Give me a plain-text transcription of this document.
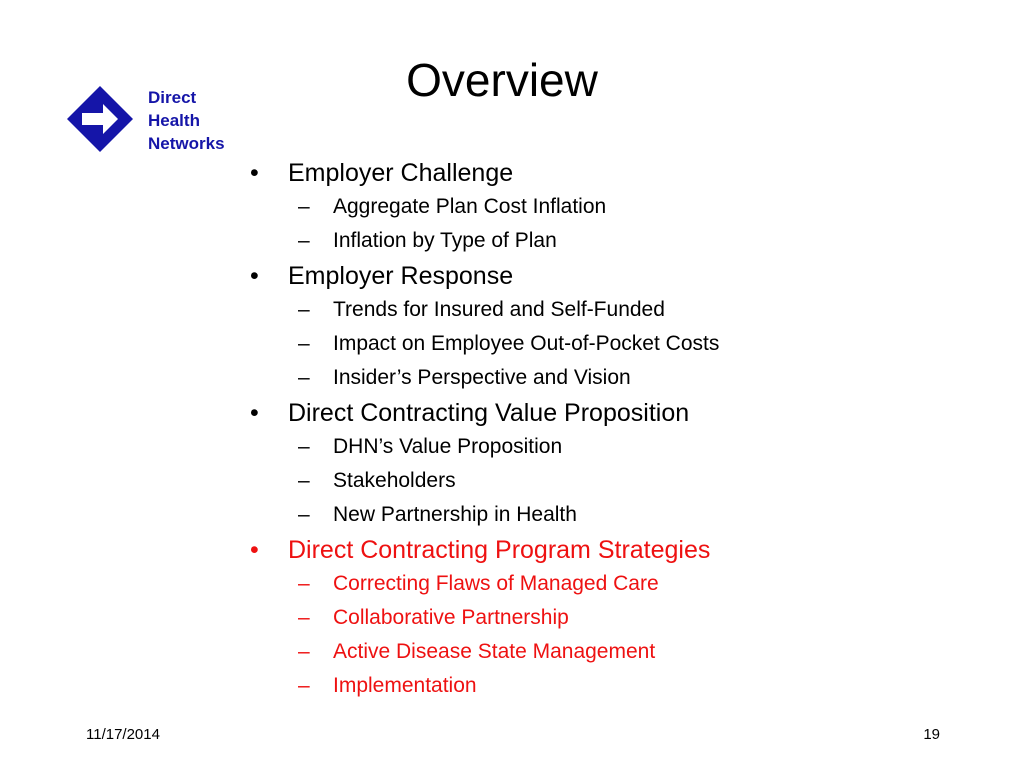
Direct
Health
Networks
Overview
• Employer Challenge
– Aggregate Plan Cost Inflation
– Inflation by Type of Plan
• Employer Response
– Trends for Insured and Self-Funded
– Impact on Employee Out-of-Pocket Costs
– Insider’s Perspective and Vision
• Direct Contracting Value Proposition
– DHN’s Value Proposition
– Stakeholders
– New Partnership in Health
• Direct Contracting Program Strategies
– Correcting Flaws of Managed Care
– Collaborative Partnership
– Active Disease State Management
– Implementation
11/17/2014	19
